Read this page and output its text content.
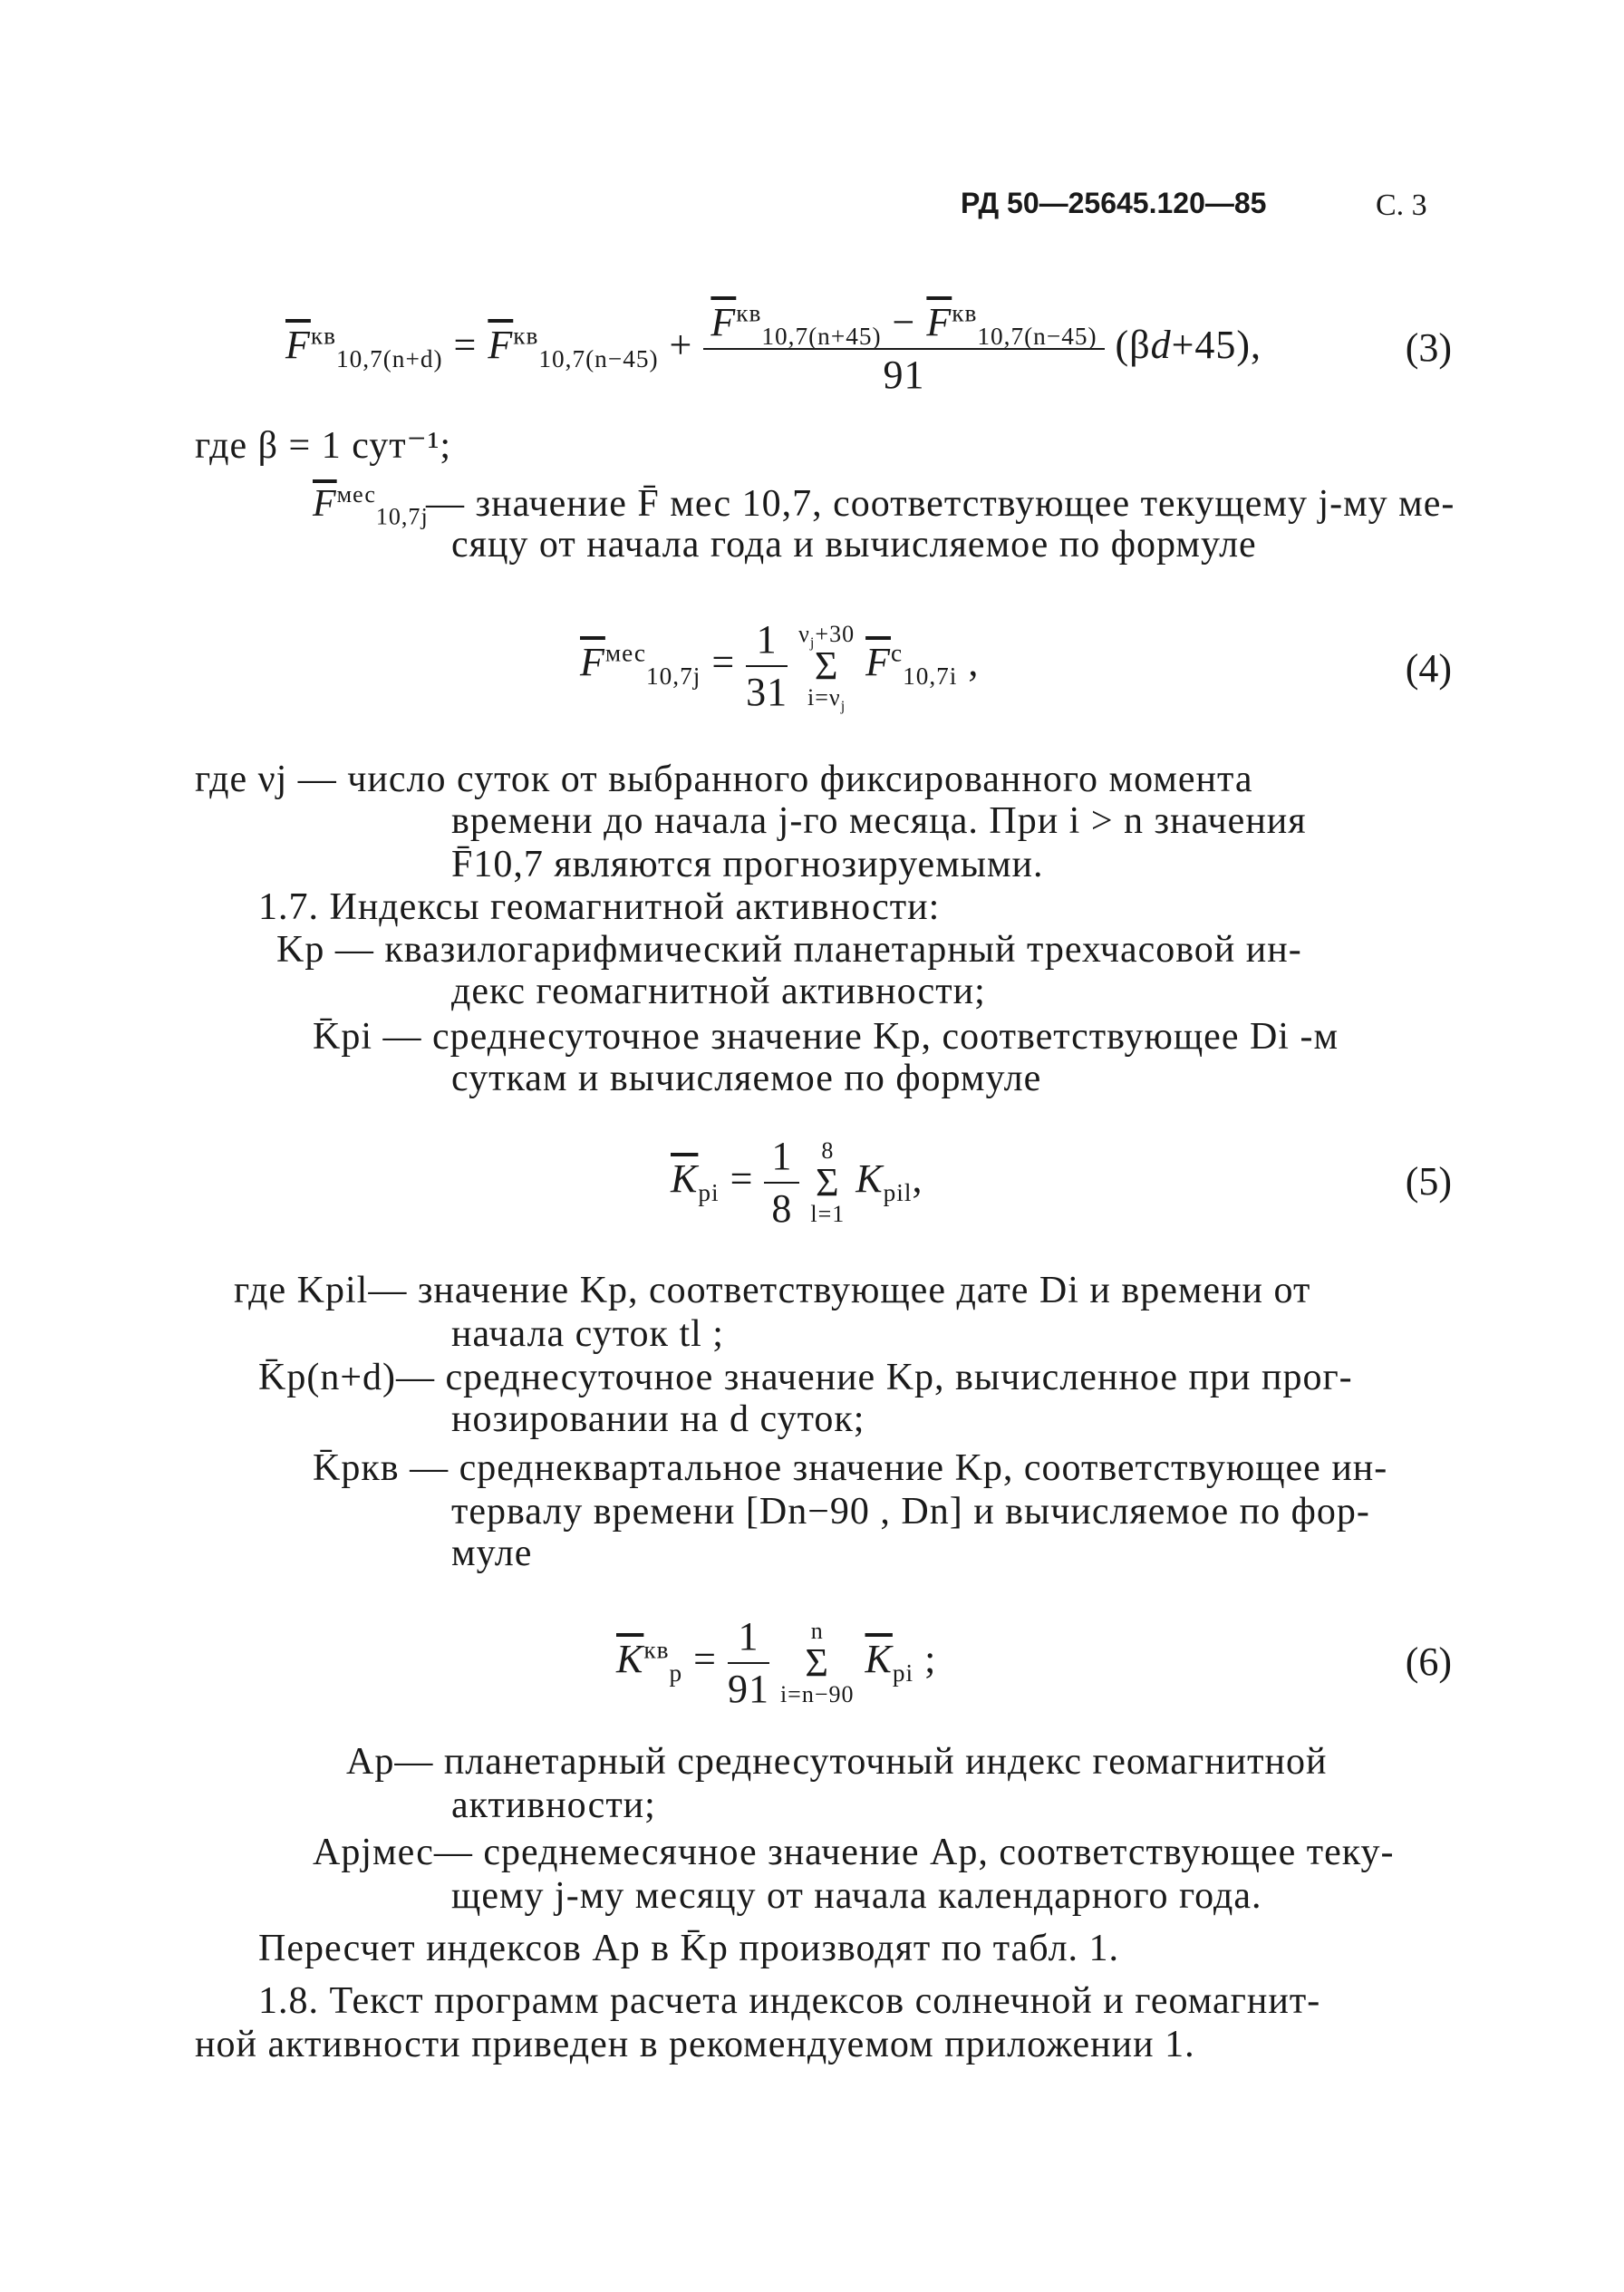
РД 50—25645.120—85	С. 3
$\overline{F}^{кв}_{10,7(n+d)} = \overline{F}^{кв}_{10,7(n-45)} + \frac{\overline{F}^{кв}_{10,7(n+45)} - \overline{F}^{кв}_{10,7(n-45)}}{91} (\beta d+45)$,	(3)
где β = 1 сут⁻¹;
$\overline{F}^{мес}_{10,7j}$
— значение F̄ мес 10,7, соответствующее текущему j-му ме-
сяцу от начала года и вычисляемое по формуле
$\overline{F}^{мес}_{10,7j} = \frac{1}{31}$
$\nu_j+30$
Σ
$i=\nu_j$
$\overline{F}^с_{10,7i}$ ,	(4)
где νj — число суток от выбранного фиксированного момента
времени до начала j-го месяца. При i > n значения
F̄10,7 являются прогнозируемыми.
1.7. Индексы геомагнитной активности:
Kp — квазилогарифмический планетарный трехчасовой ин-
декс геомагнитной активности;
K̄pi — среднесуточное значение Kp, соответствующее Di -м
суткам и вычисляемое по формуле
$\overline{K}_{pi} = \frac{1}{8}$
8
Σ
l=1
$K_{pil}$,	(5)
где Kpil— значение Kp, соответствующее дате Di и времени от
начала суток tl ;
K̄p(n+d)— среднесуточное значение Kp, вычисленное при прог-
нозировании на d суток;
K̄pкв — среднеквартальное значение Kp, соответствующее ин-
тервалу времени [Dn−90 , Dn] и вычисляемое по фор-
муле
$\overline{K}^{кв}_p = \frac{1}{91}$
	n
Σ
i=n−90
$\overline{K}_{pi}$ ;	(6)
Ap— планетарный среднесуточный индекс геомагнитной
активности;
Apjмес— среднемесячное значение Ap, соответствующее теку-
щему j-му месяцу от начала календарного года.
Пересчет индексов Ap в K̄p производят по табл. 1.
1.8. Текст программ расчета индексов солнечной и геомагнит-
ной активности приведен в рекомендуемом приложении 1.
